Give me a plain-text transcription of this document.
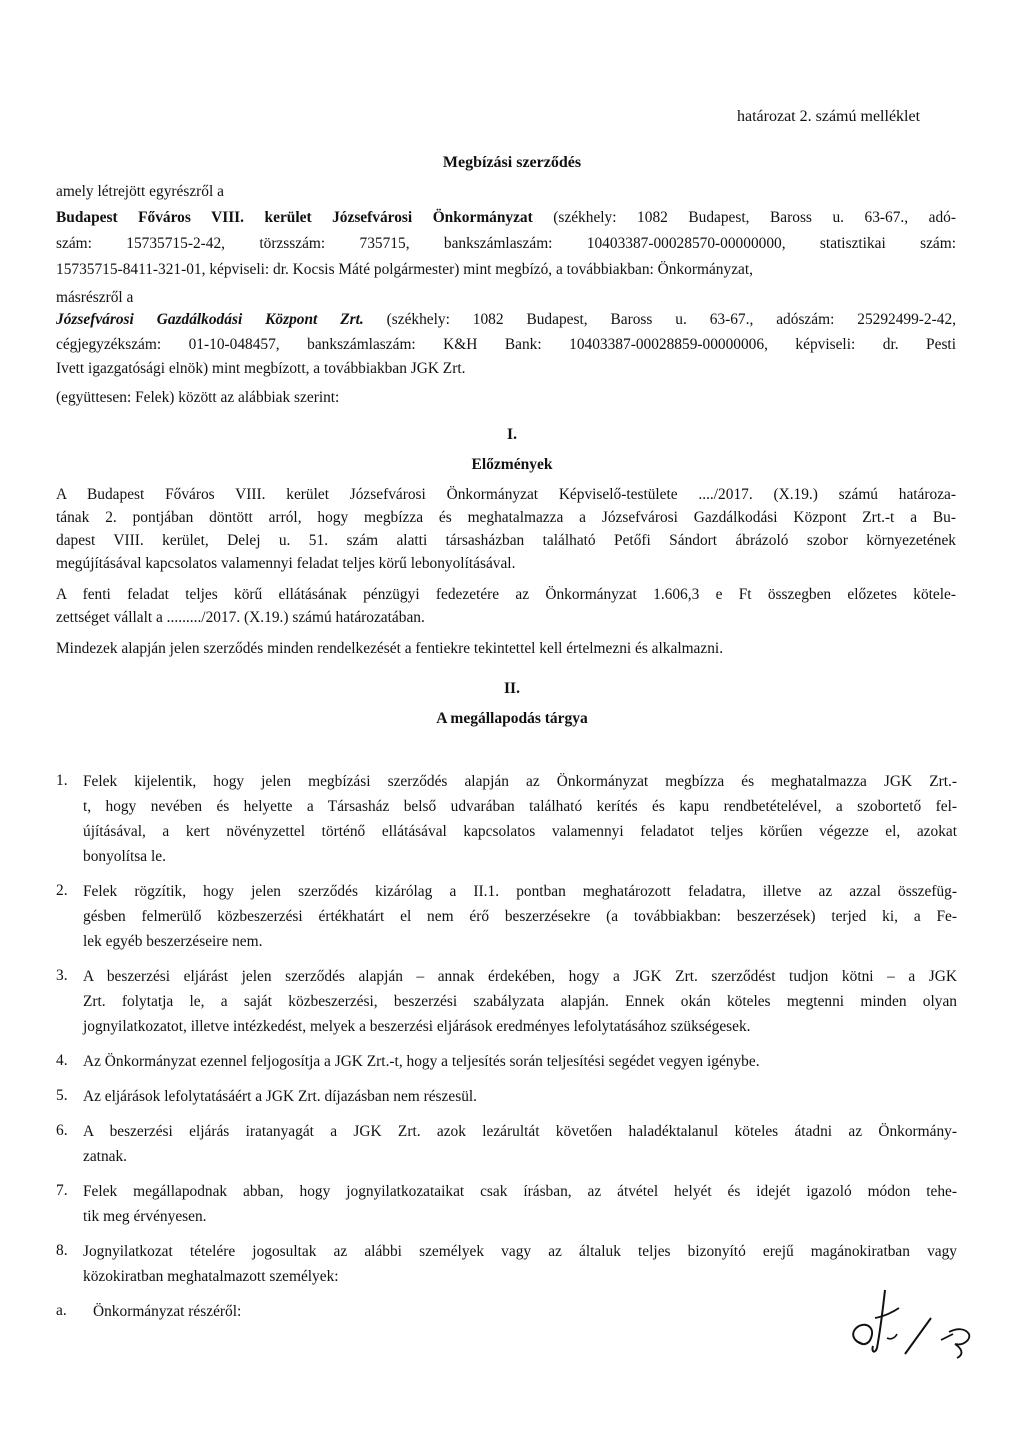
határozat 2. számú melléklet
Megbízási szerződés
amely létrejött egyrészről a
Budapest Főváros VIII. kerület Józsefvárosi Önkormányzat (székhely: 1082 Budapest, Baross u. 63-67., adó-
szám: 15735715-2-42, törzsszám: 735715, bankszámlaszám: 10403387-00028570-00000000, statisztikai szám:
15735715-8411-321-01, képviseli: dr. Kocsis Máté polgármester) mint megbízó, a továbbiakban: Önkormányzat,
másrészről a
Józsefvárosi Gazdálkodási Központ Zrt. (székhely: 1082 Budapest, Baross u. 63-67., adószám: 25292499-2-42,
cégjegyzékszám: 01-10-048457, bankszámlaszám: K&H Bank: 10403387-00028859-00000006, képviseli: dr. Pesti
Ivett igazgatósági elnök) mint megbízott, a továbbiakban JGK Zrt.
(együttesen: Felek) között az alábbiak szerint:
I.
Előzmények
A Budapest Főváros VIII. kerület Józsefvárosi Önkormányzat Képviselő-testülete ..../2017. (X.19.) számú határoza-
tának 2. pontjában döntött arról, hogy megbízza és meghatalmazza a Józsefvárosi Gazdálkodási Központ Zrt.-t a Bu-
dapest VIII. kerület, Delej u. 51. szám alatti társasházban található Petőfi Sándort ábrázoló szobor környezetének
megújításával kapcsolatos valamennyi feladat teljes körű lebonyolításával.
A fenti feladat teljes körű ellátásának pénzügyi fedezetére az Önkormányzat 1.606,3 e Ft összegben előzetes kötele-
zettséget vállalt a ........./2017. (X.19.) számú határozatában.
Mindezek alapján jelen szerződés minden rendelkezését a fentiekre tekintettel kell értelmezni és alkalmazni.
II.
A megállapodás tárgya
1. Felek kijelentik, hogy jelen megbízási szerződés alapján az Önkormányzat megbízza és meghatalmazza JGK Zrt.-
t, hogy nevében és helyette a Társasház belső udvarában található kerítés és kapu rendbetételével, a szobortető fel-
újításával, a kert növényzettel történő ellátásával kapcsolatos valamennyi feladatot teljes körűen végezze el, azokat
bonyolítsa le.
2. Felek rögzítik, hogy jelen szerződés kizárólag a II.1. pontban meghatározott feladatra, illetve az azzal összefüg-
gésben felmerülő közbeszerzési értékhatárt el nem érő beszerzésekre (a továbbiakban: beszerzések) terjed ki, a Fe-
lek egyéb beszerzéseire nem.
3. A beszerzési eljárást jelen szerződés alapján – annak érdekében, hogy a JGK Zrt. szerződést tudjon kötni – a JGK
Zrt. folytatja le, a saját közbeszerzési, beszerzési szabályzata alapján. Ennek okán köteles megtenni minden olyan
jognyilatkozatot, illetve intézkedést, melyek a beszerzési eljárások eredményes lefolytatásához szükségesek.
4. Az Önkormányzat ezennel feljogosítja a JGK Zrt.-t, hogy a teljesítés során teljesítési segédet vegyen igénybe.
5. Az eljárások lefolytatásáért a JGK Zrt. díjazásban nem részesül.
6. A beszerzési eljárás iratanyagát a JGK Zrt. azok lezárultát követően haladéktalanul köteles átadni az Önkormány-
zatnak.
7. Felek megállapodnak abban, hogy jognyilatkozataikat csak írásban, az átvétel helyét és idejét igazoló módon tehe-
tik meg érvényesen.
8. Jognyilatkozat tételére jogosultak az alábbi személyek vagy az általuk teljes bizonyító erejű magánokiratban vagy
közokiratban meghatalmazott személyek:
a. Önkormányzat részéről:
